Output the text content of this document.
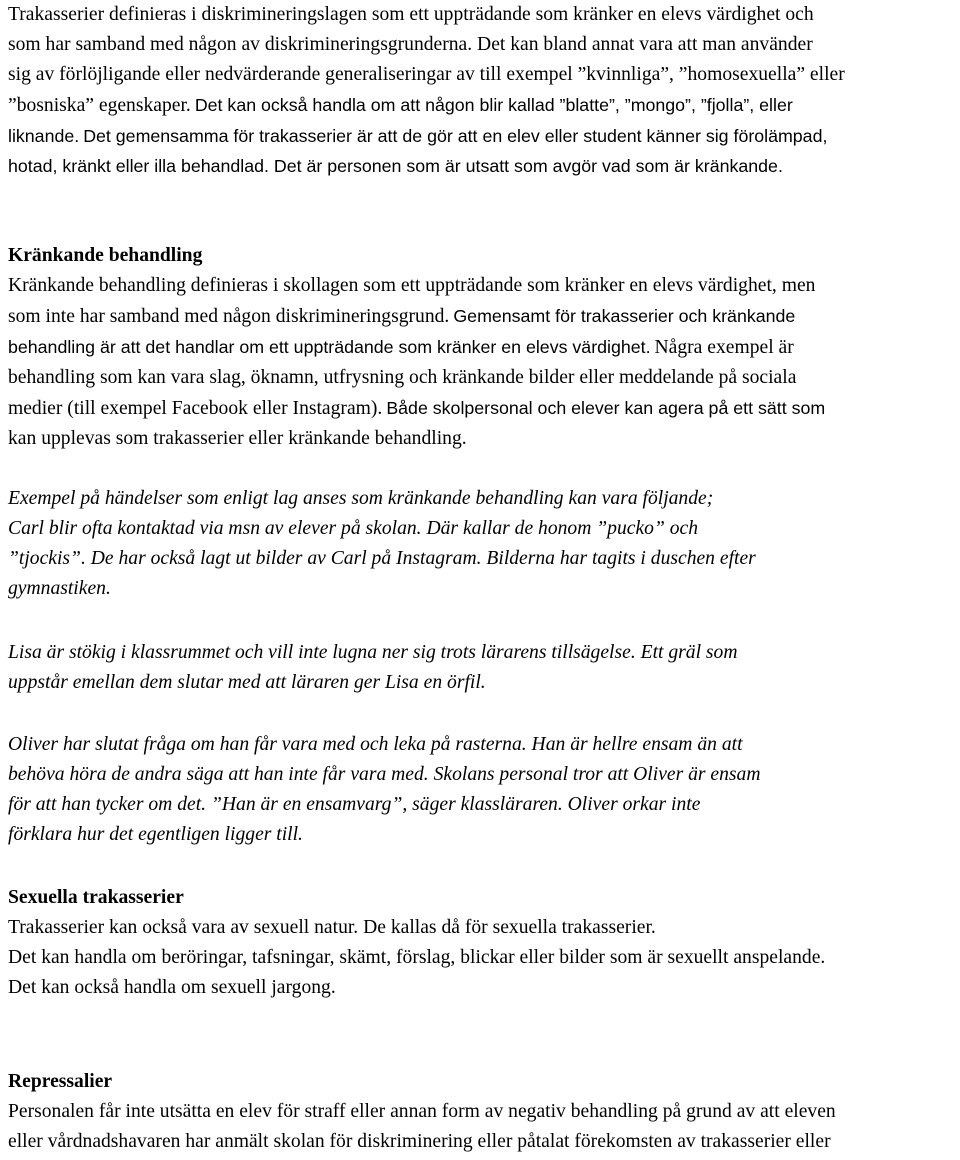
Trakasserier definieras i diskrimineringslagen som ett uppträdande som kränker en elevs värdighet och
som har samband med någon av diskrimineringsgrunderna. Det kan bland annat vara att man använder
sig av förlöjligande eller nedvärderande generaliseringar av till exempel ”kvinnliga”, ”homosexuella” eller
”bosniska” egenskaper. Det kan också handla om att någon blir kallad ”blatte”, ”mongo”, ”fjolla”, eller
liknande. Det gemensamma för trakasserier är att de gör att en elev eller student känner sig förolämpad,
hotad, kränkt eller illa behandlad. Det är personen som är utsatt som avgör vad som är kränkande.
Kränkande behandling
Kränkande behandling definieras i skollagen som ett uppträdande som kränker en elevs värdighet, men
som inte har samband med någon diskrimineringsgrund. Gemensamt för trakasserier och kränkande
behandling är att det handlar om ett uppträdande som kränker en elevs värdighet. Några exempel är
behandling som kan vara slag, öknamn, utfrysning och kränkande bilder eller meddelande på sociala
medier (till exempel Facebook eller Instagram). Både skolpersonal och elever kan agera på ett sätt som
kan upplevas som trakasserier eller kränkande behandling.
Exempel på händelser som enligt lag anses som kränkande behandling kan vara följande;
Carl blir ofta kontaktad via msn av elever på skolan. Där kallar de honom ”pucko” och
”tjockis”. De har också lagt ut bilder av Carl på Instagram. Bilderna har tagits i duschen efter
gymnastiken.
Lisa är stökig i klassrummet och vill inte lugna ner sig trots lärarens tillsägelse. Ett gräl som
uppstår emellan dem slutar med att läraren ger Lisa en örfil.
Oliver har slutat fråga om han får vara med och leka på rasterna. Han är hellre ensam än att
behöva höra de andra säga att han inte får vara med. Skolans personal tror att Oliver är ensam
för att han tycker om det. ”Han är en ensamvarg”, säger klassläraren. Oliver orkar inte
förklara hur det egentligen ligger till.
Sexuella trakasserier
Trakasserier kan också vara av sexuell natur. De kallas då för sexuella trakasserier.
Det kan handla om beröringar, tafsningar, skämt, förslag, blickar eller bilder som är sexuellt anspelande.
Det kan också handla om sexuell jargong.
Repressalier
Personalen får inte utsätta en elev för straff eller annan form av negativ behandling på grund av att eleven
eller vårdnadshavaren har anmält skolan för diskriminering eller påtalat förekomsten av trakasserier eller
